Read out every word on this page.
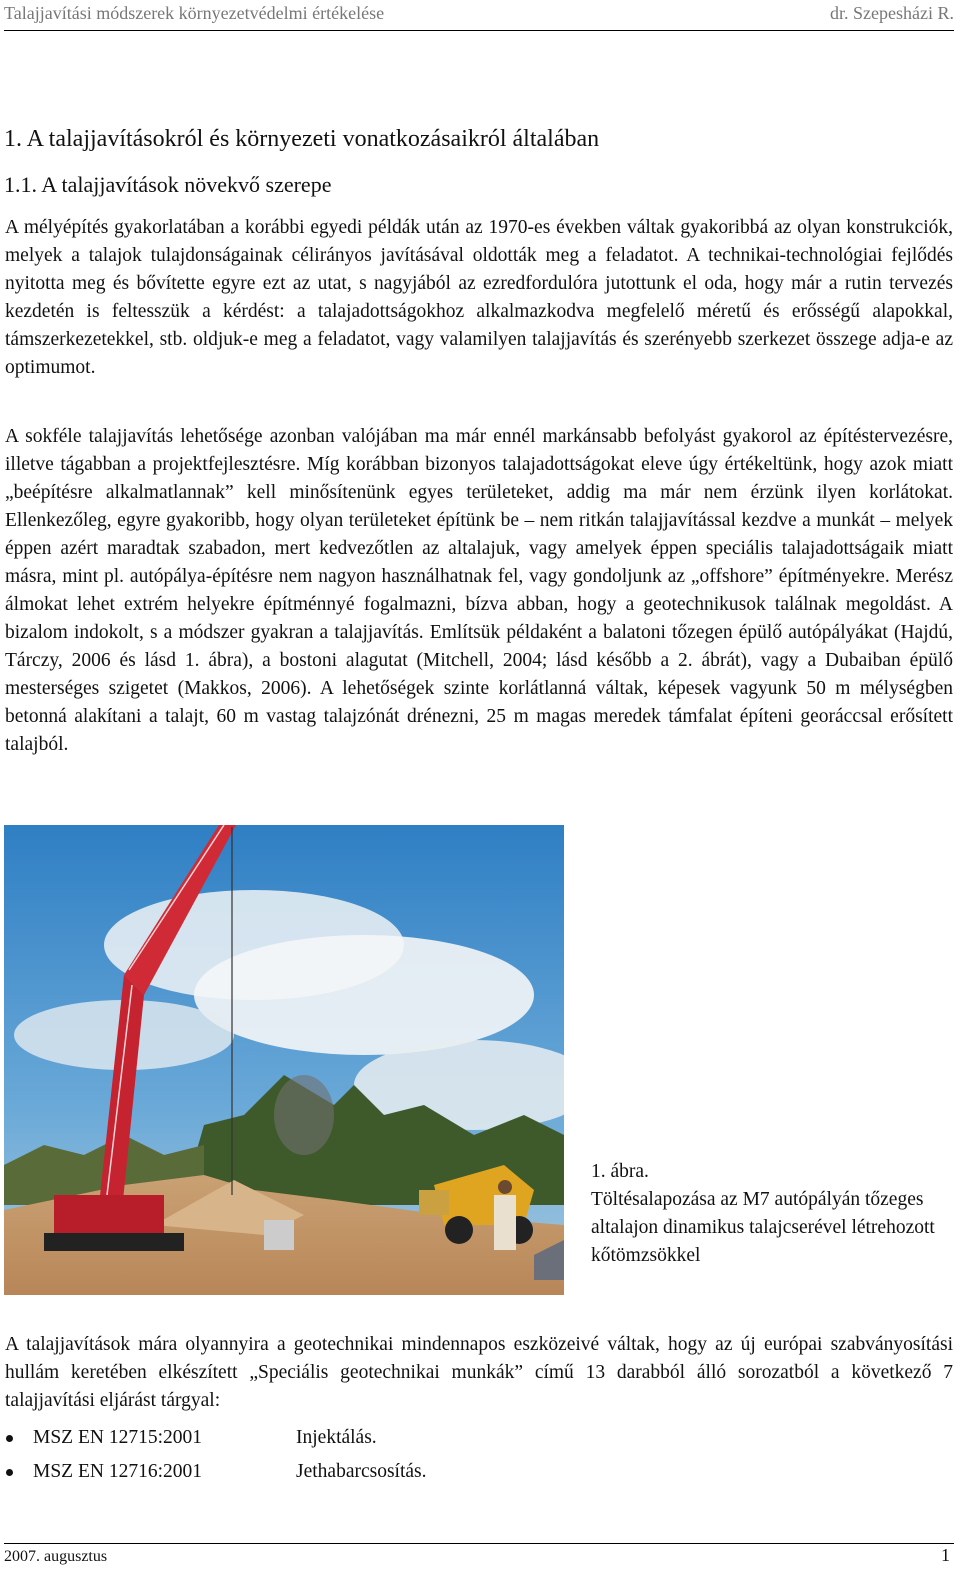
Talajjavítási módszerek környezetvédelmi értékelése	dr. Szepesházi R.
1. A talajjavításokról és környezeti vonatkozásaikról általában
1.1. A talajjavítások növekvő szerepe

A mélyépítés gyakorlatában a korábbi egyedi példák után az 1970-es években váltak gyakoribbá az olyan konstrukciók, melyek a talajok tulajdonságainak célirányos javításával oldották meg a feladatot. A technikai-technológiai fejlődés nyitotta meg és bővítette egyre ezt az utat, s nagyjából az ezredfordulóra jutottunk el oda, hogy már a rutin tervezés kezdetén is feltesszük a kérdést: a talajadottságokhoz alkalmazkodva megfelelő méretű és erősségű alapokkal, támszerkezetekkel, stb. oldjuk-e meg a feladatot, vagy valamilyen talajjavítás és szerényebb szerkezet összege adja-e az optimumot.

A sokféle talajjavítás lehetősége azonban valójában ma már ennél markánsabb befolyást gyakorol az építéstervezésre, illetve tágabban a projektfejlesztésre. Míg korábban bizonyos talajadottságokat eleve úgy értékeltünk, hogy azok miatt „beépítésre alkalmatlannak” kell minősítenünk egyes területeket, addig ma már nem érzünk ilyen korlátokat. Ellenkezőleg, egyre gyakoribb, hogy olyan területeket építünk be – nem ritkán talajjavítással kezdve a munkát – melyek éppen azért maradtak szabadon, mert kedvezőtlen az altalajuk, vagy amelyek éppen speciális talajadottságaik miatt másra, mint pl. autópálya-építésre nem nagyon használhatnak fel, vagy gondoljunk az „offshore” építményekre. Merész álmokat lehet extrém helyekre építménnyé fogalmazni, bízva abban, hogy a geotechnikusok találnak megoldást. A bizalom indokolt, s a módszer gyakran a talajjavítás. Említsük példaként a balatoni tőzegen épülő autópályákat (Hajdú, Tárczy, 2006 és lásd 1. ábra), a bostoni alagutat (Mitchell, 2004; lásd később a 2. ábrát), vagy a Dubaiban épülő mesterséges szigetet (Makkos, 2006). A lehetőségek szinte korlátlanná váltak, képesek vagyunk 50 m mélységben betonná alakítani a talajt, 60 m vastag talajzónát drénezni, 25 m magas meredek támfalat építeni georáccsal erősített talajból.

1. ábra.
Töltésalapozása az M7 autópályán tőzeges altalajon dinamikus talajcserével létrehozott kőtömzsökkel

A talajjavítások mára olyannyira a geotechnikai mindennapos eszközeivé váltak, hogy az új európai szabványosítási hullám keretében elkészített „Speciális geotechnikai munkák” című 13 darabból álló sorozatból a következő 7 talajjavítási eljárást tárgyal:

MSZ EN 12715:2001	Injektálás.
MSZ EN 12716:2001	Jethabarcsosítás.
2007. augusztus	1
